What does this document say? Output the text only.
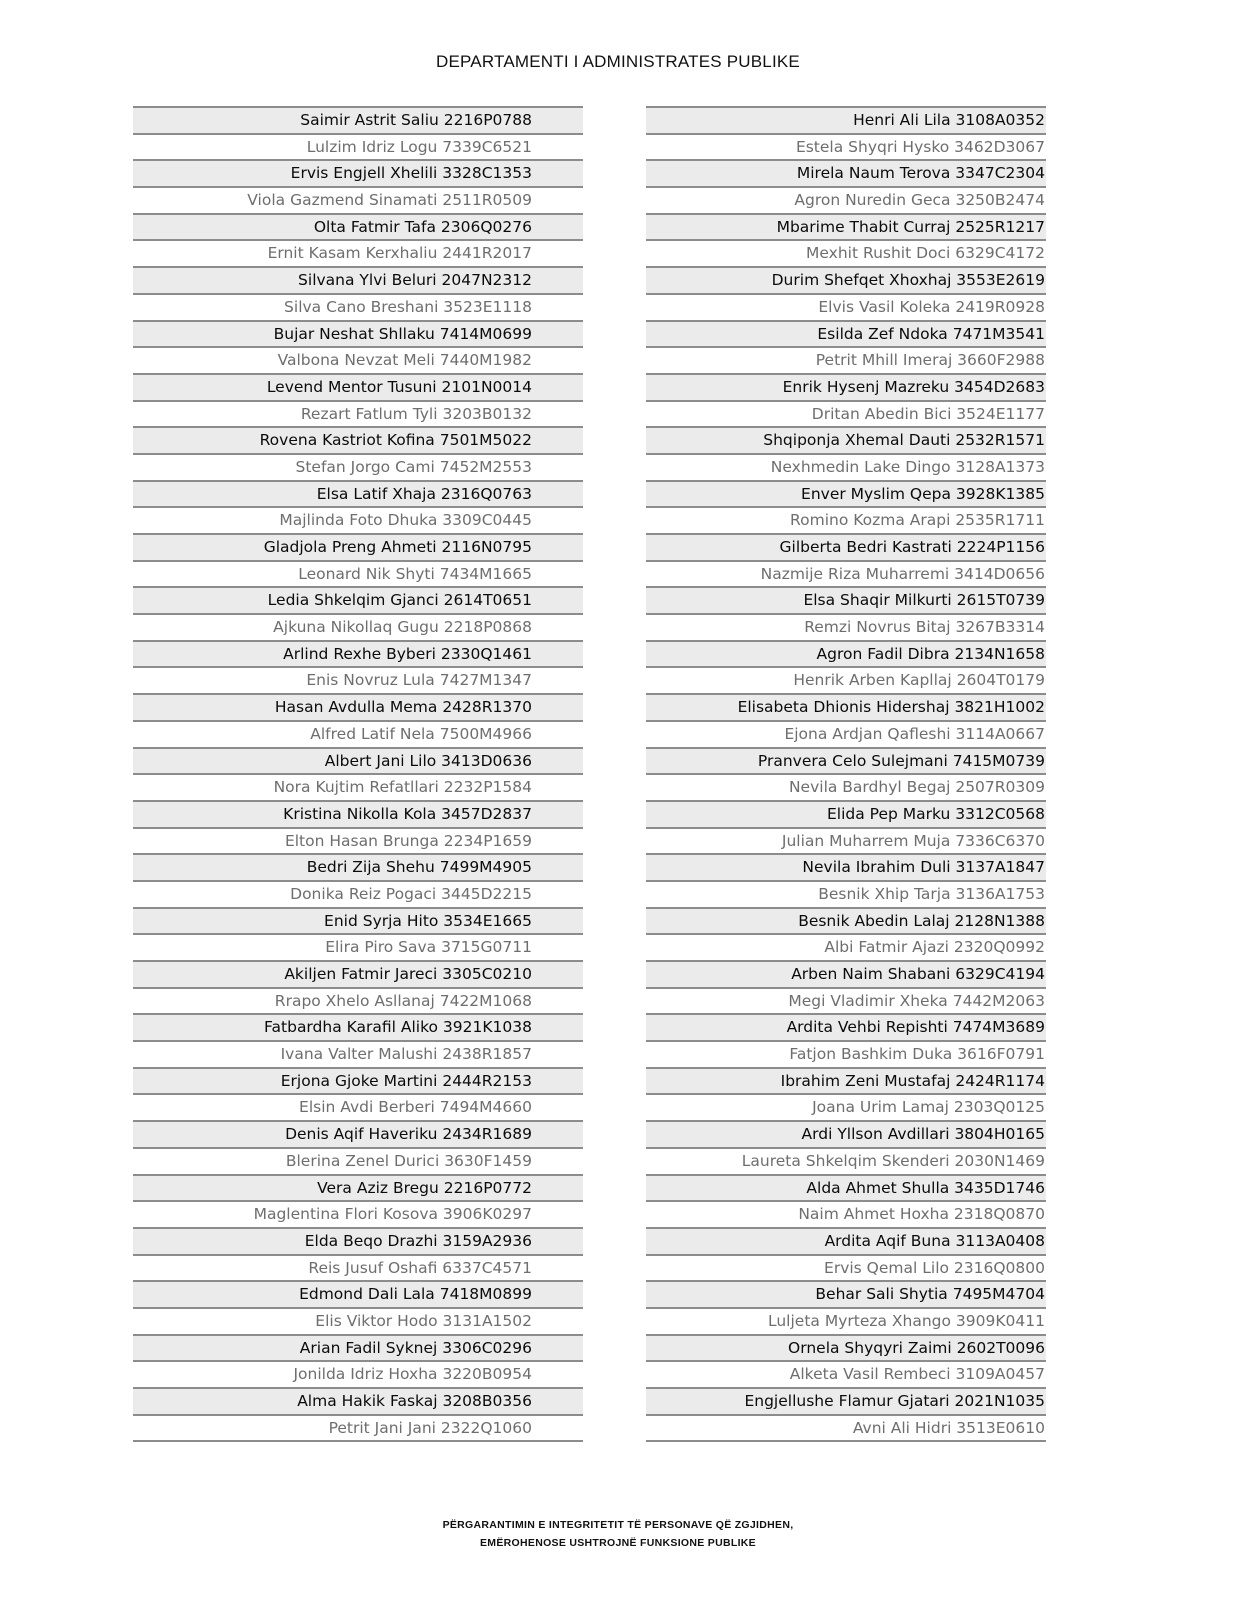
DEPARTAMENTI I ADMINISTRATES PUBLIKE
Saimir Astrit Saliu 2216P0788
Lulzim Idriz Logu 7339C6521
Ervis Engjell Xhelili 3328C1353
Viola Gazmend Sinamati 2511R0509
Olta Fatmir Tafa 2306Q0276
Ernit Kasam Kerxhaliu 2441R2017
Silvana Ylvi Beluri 2047N2312
Silva Cano Breshani 3523E1118
Bujar Neshat Shllaku 7414M0699
Valbona Nevzat Meli 7440M1982
Levend Mentor Tusuni 2101N0014
Rezart Fatlum Tyli 3203B0132
Rovena Kastriot Kofina 7501M5022
Stefan Jorgo Cami 7452M2553
Elsa Latif Xhaja 2316Q0763
Majlinda Foto Dhuka 3309C0445
Gladjola Preng Ahmeti 2116N0795
Leonard Nik Shyti 7434M1665
Ledia Shkelqim Gjanci 2614T0651
Ajkuna Nikollaq Gugu 2218P0868
Arlind Rexhe Byberi 2330Q1461
Enis Novruz Lula 7427M1347
Hasan Avdulla Mema 2428R1370
Alfred Latif Nela 7500M4966
Albert Jani Lilo 3413D0636
Nora Kujtim Refatllari 2232P1584
Kristina Nikolla Kola 3457D2837
Elton Hasan Brunga 2234P1659
Bedri Zija Shehu 7499M4905
Donika Reiz Pogaci 3445D2215
Enid Syrja Hito 3534E1665
Elira Piro Sava 3715G0711
Akiljen Fatmir Jareci 3305C0210
Rrapo Xhelo Asllanaj 7422M1068
Fatbardha Karafil Aliko 3921K1038
Ivana Valter Malushi 2438R1857
Erjona Gjoke Martini 2444R2153
Elsin Avdi Berberi 7494M4660
Denis Aqif Haveriku 2434R1689
Blerina Zenel Durici 3630F1459
Vera Aziz Bregu 2216P0772
Maglentina Flori Kosova 3906K0297
Elda Beqo Drazhi 3159A2936
Reis Jusuf Oshafi 6337C4571
Edmond Dali Lala 7418M0899
Elis Viktor Hodo 3131A1502
Arian Fadil Syknej 3306C0296
Jonilda Idriz Hoxha 3220B0954
Alma Hakik Faskaj 3208B0356
Petrit Jani Jani 2322Q1060
Henri Ali Lila 3108A0352
Estela Shyqri Hysko 3462D3067
Mirela Naum Terova 3347C2304
Agron Nuredin Geca 3250B2474
Mbarime Thabit Curraj 2525R1217
Mexhit Rushit Doci 6329C4172
Durim Shefqet Xhoxhaj 3553E2619
Elvis Vasil Koleka 2419R0928
Esilda Zef Ndoka 7471M3541
Petrit Mhill Imeraj 3660F2988
Enrik Hysenj Mazreku 3454D2683
Dritan Abedin Bici 3524E1177
Shqiponja Xhemal Dauti 2532R1571
Nexhmedin Lake Dingo 3128A1373
Enver Myslim Qepa 3928K1385
Romino Kozma Arapi 2535R1711
Gilberta Bedri Kastrati 2224P1156
Nazmije Riza Muharremi 3414D0656
Elsa Shaqir Milkurti 2615T0739
Remzi Novrus Bitaj 3267B3314
Agron Fadil Dibra 2134N1658
Henrik Arben Kapllaj 2604T0179
Elisabeta Dhionis Hidershaj 3821H1002
Ejona Ardjan Qafleshi 3114A0667
Pranvera Celo Sulejmani 7415M0739
Nevila Bardhyl Begaj 2507R0309
Elida Pep Marku 3312C0568
Julian Muharrem Muja 7336C6370
Nevila Ibrahim Duli 3137A1847
Besnik Xhip Tarja 3136A1753
Besnik Abedin Lalaj 2128N1388
Albi Fatmir Ajazi 2320Q0992
Arben Naim Shabani 6329C4194
Megi Vladimir Xheka 7442M2063
Ardita Vehbi Repishti 7474M3689
Fatjon Bashkim Duka 3616F0791
Ibrahim Zeni Mustafaj 2424R1174
Joana Urim Lamaj 2303Q0125
Ardi Yllson Avdillari 3804H0165
Laureta Shkelqim Skenderi 2030N1469
Alda Ahmet Shulla 3435D1746
Naim Ahmet Hoxha 2318Q0870
Ardita Aqif Buna 3113A0408
Ervis Qemal Lilo 2316Q0800
Behar Sali Shytia 7495M4704
Luljeta Myrteza Xhango 3909K0411
Ornela Shyqyri Zaimi 2602T0096
Alketa Vasil Rembeci 3109A0457
Engjellushe Flamur Gjatari 2021N1035
Avni Ali Hidri 3513E0610
PËRGARANTIMIN E INTEGRITETIT TË PERSONAVE QË ZGJIDHEN,
EMËROHENOSE USHTROJNË FUNKSIONE PUBLIKE
